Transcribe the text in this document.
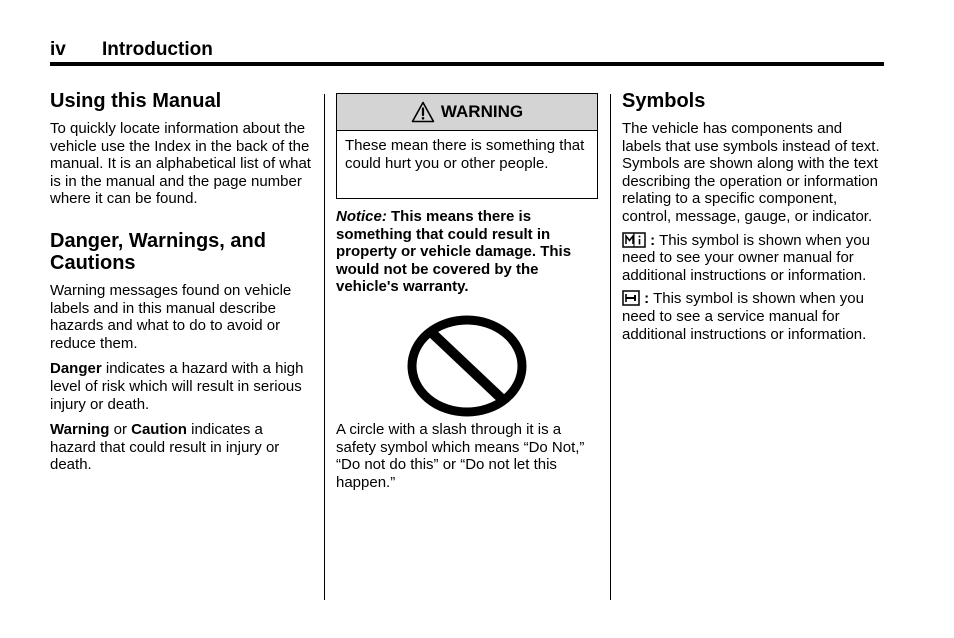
iv Introduction
Using this Manual

To quickly locate information about the vehicle use the Index in the back of the manual. It is an alphabetical list of what is in the manual and the page number where it can be found.

Danger, Warnings, and Cautions

Warning messages found on vehicle labels and in this manual describe hazards and what to do to avoid or reduce them.

Danger indicates a hazard with a high level of risk which will result in serious injury or death.

Warning or Caution indicates a hazard that could result in injury or death.

WARNING

These mean there is something that could hurt you or other people.

Notice: This means there is something that could result in property or vehicle damage. This would not be covered by the vehicle's warranty.

A circle with a slash through it is a safety symbol which means “Do Not,” “Do not do this” or “Do not let this happen.”

Symbols

The vehicle has components and labels that use symbols instead of text. Symbols are shown along with the text describing the operation or information relating to a specific component, control, message, gauge, or indicator.

: This symbol is shown when you need to see your owner manual for additional instructions or information.

: This symbol is shown when you need to see a service manual for additional instructions or information.
